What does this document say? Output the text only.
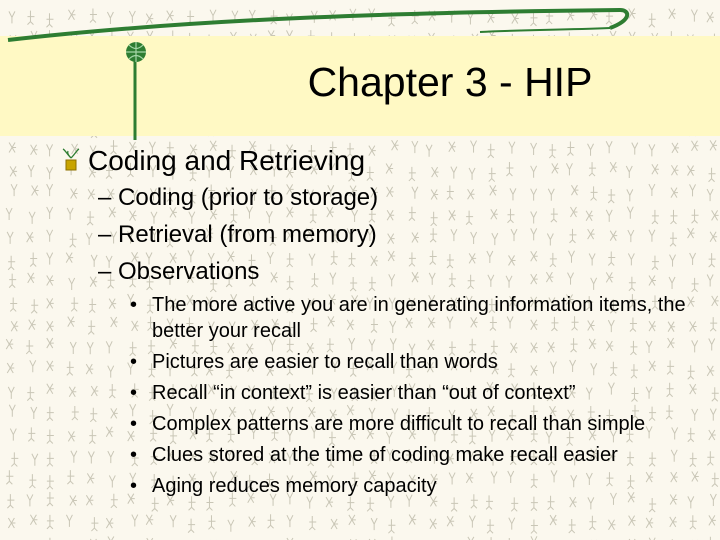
Chapter 3 - HIP
Coding and Retrieving
– Coding (prior to storage)
– Retrieval (from memory)
– Observations
• The more active you are in generating information items, the better your recall
• Pictures are easier to recall than words
• Recall “in context” is easier than “out of context”
• Complex patterns are more difficult to recall than simple
• Clues stored at the time of coding make recall easier
• Aging reduces memory capacity
